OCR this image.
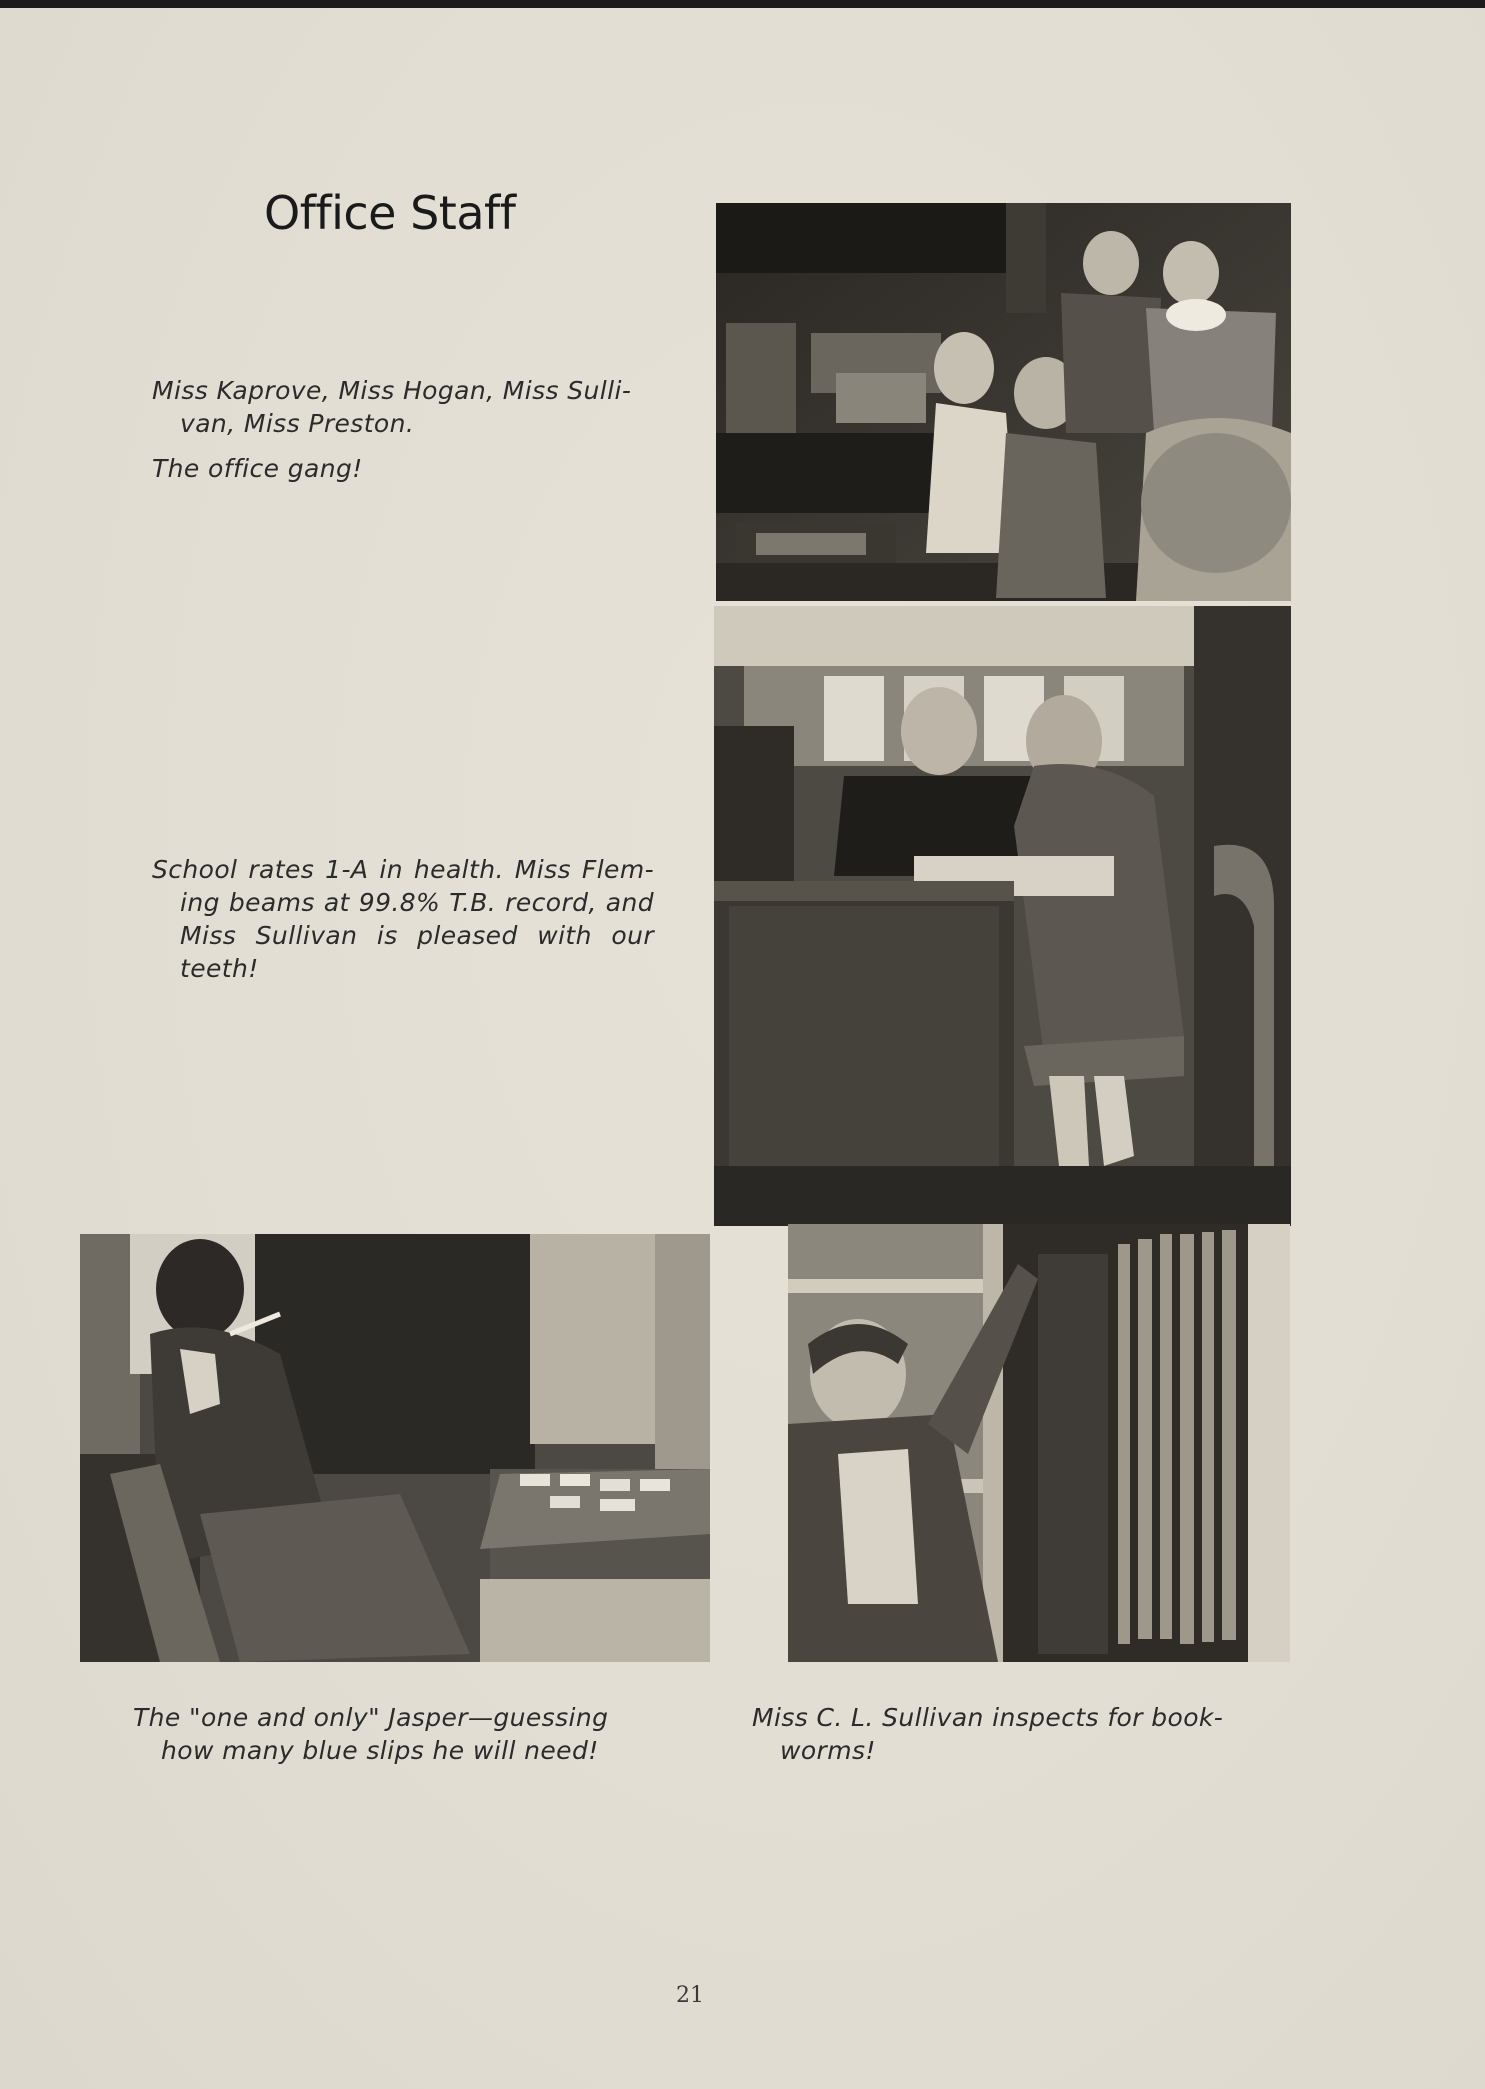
Office Staff

Miss Kaprove, Miss Hogan, Miss Sulli-van, Miss Preston.

The office gang!

School rates 1-A in health. Miss Flem-ing beams at 99.8% T.B. record, and Miss Sullivan is pleased with our teeth!

The "one and only" Jasper—guessing how many blue slips he will need!

Miss C. L. Sullivan inspects for book-worms!

21
